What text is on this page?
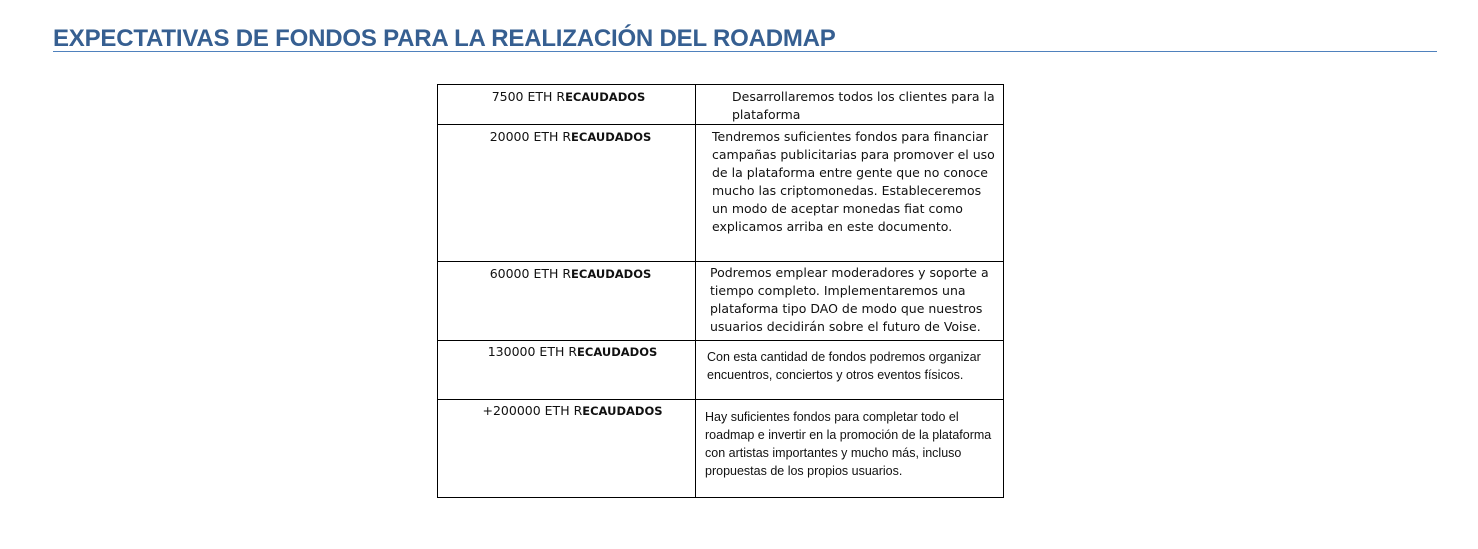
EXPECTATIVAS DE FONDOS PARA LA REALIZACIÓN DEL ROADMAP
7500 ETH RECAUDADOS	Desarrollaremos todos los clientes para la plataforma

20000 ETH RECAUDADOS	Tendremos suficientes fondos para financiar campañas publicitarias para promover el uso de la plataforma entre gente que no conoce mucho las criptomonedas. Estableceremos un modo de aceptar monedas fiat como explicamos arriba en este documento.

60000 ETH RECAUDADOS	Podremos emplear moderadores y soporte a tiempo completo. Implementaremos una plataforma tipo DAO de modo que nuestros usuarios decidirán sobre el futuro de Voise.

130000 ETH RECAUDADOS	Con esta cantidad de fondos podremos organizar encuentros, conciertos y otros eventos físicos.

+200000 ETH RECAUDADOS	Hay suficientes fondos para completar todo el roadmap e invertir en la promoción de la plataforma con artistas importantes y mucho más, incluso propuestas de los propios usuarios.
